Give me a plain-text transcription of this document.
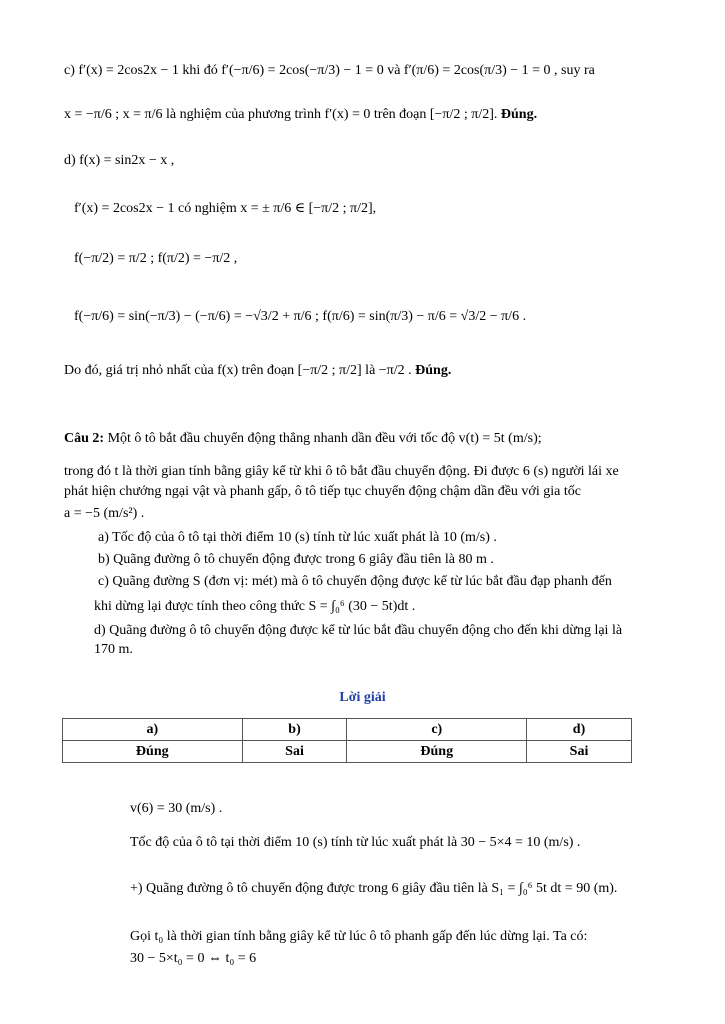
c) f′(x) = 2cos2x − 1 khi đó f′(−π/6) = 2cos(−π/3) − 1 = 0 và f′(π/6) = 2cos(π/3) − 1 = 0 , suy ra
x = −π/6 ; x = π/6 là nghiệm của phương trình f′(x) = 0 trên đoạn [−π/2 ; π/2]. Đúng.
d) f(x) = sin2x − x ,
f′(x) = 2cos2x − 1 có nghiệm x = ± π/6 ∈ [−π/2 ; π/2],
f(−π/2) = π/2 ; f(π/2) = −π/2 ,
f(−π/6) = sin(−π/3) − (−π/6) = −√3/2 + π/6 ; f(π/6) = sin(π/3) − π/6 = √3/2 − π/6 .
Do đó, giá trị nhỏ nhất của f(x) trên đoạn [−π/2 ; π/2] là −π/2 . Đúng.
Câu 2: Một ô tô bắt đầu chuyển động thẳng nhanh dần đều với tốc độ v(t) = 5t (m/s);
trong đó t là thời gian tính bằng giây kể từ khi ô tô bắt đầu chuyển động. Đi được 6 (s) người lái xe
phát hiện chướng ngại vật và phanh gấp, ô tô tiếp tục chuyển động chậm dần đều với gia tốc
a = −5 (m/s²) .
a) Tốc độ của ô tô tại thời điểm 10 (s) tính từ lúc xuất phát là 10 (m/s) .
b) Quãng đường ô tô chuyển động được trong 6 giây đầu tiên là 80 m .
c) Quãng đường S (đơn vị: mét) mà ô tô chuyển động được kể từ lúc bắt đầu đạp phanh đến
khi dừng lại được tính theo công thức S = ∫₀⁶ (30 − 5t)dt .
d) Quãng đường ô tô chuyển động được kể từ lúc bắt đầu chuyển động cho đến khi dừng lại là
170 m.
Lời giải
a)	b)	c)	d)
Đúng	Sai	Đúng	Sai
v(6) = 30 (m/s) .
Tốc độ của ô tô tại thời điểm 10 (s) tính từ lúc xuất phát là 30 − 5×4 = 10 (m/s) .
+) Quãng đường ô tô chuyển động được trong 6 giây đầu tiên là S₁ = ∫₀⁶ 5t dt = 90 (m).
Gọi t₀ là thời gian tính bằng giây kể từ lúc ô tô phanh gấp đến lúc dừng lại. Ta có:
30 − 5×t₀ = 0 ⇔ t₀ = 6
